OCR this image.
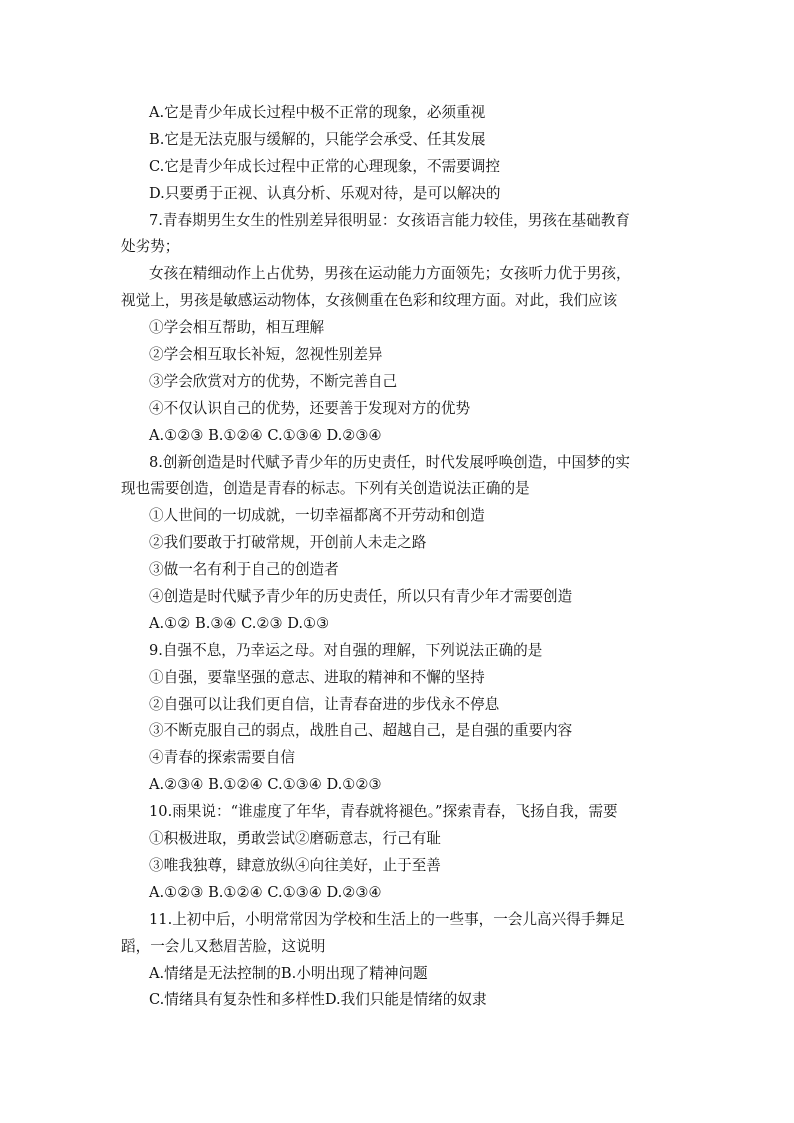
A.它是青少年成长过程中极不正常的现象，必须重视
B.它是无法克服与缓解的，只能学会承受、任其发展
C.它是青少年成长过程中正常的心理现象，不需要调控
D.只要勇于正视、认真分析、乐观对待，是可以解决的
7.青春期男生女生的性别差异很明显：女孩语言能力较佳，男孩在基础教育
处劣势；
女孩在精细动作上占优势，男孩在运动能力方面领先；女孩听力优于男孩，
视觉上，男孩是敏感运动物体，女孩侧重在色彩和纹理方面。对此，我们应该
①学会相互帮助，相互理解
②学会相互取长补短，忽视性别差异
③学会欣赏对方的优势，不断完善自己
④不仅认识自己的优势，还要善于发现对方的优势
A.①②③ B.①②④ C.①③④ D.②③④
8.创新创造是时代赋予青少年的历史责任，时代发展呼唤创造，中国梦的实
现也需要创造，创造是青春的标志。下列有关创造说法正确的是
①人世间的一切成就，一切幸福都离不开劳动和创造
②我们要敢于打破常规，开创前人未走之路
③做一名有利于自己的创造者
④创造是时代赋予青少年的历史责任，所以只有青少年才需要创造
A.①② B.③④ C.②③ D.①③
9.自强不息，乃幸运之母。对自强的理解，下列说法正确的是
①自强，要靠坚强的意志、进取的精神和不懈的坚持
②自强可以让我们更自信，让青春奋进的步伐永不停息
③不断克服自己的弱点，战胜自己、超越自己，是自强的重要内容
④青春的探索需要自信
A.②③④ B.①②④ C.①③④ D.①②③
10.雨果说：“谁虚度了年华，青春就将褪色。”探索青春，飞扬自我，需要
①积极进取，勇敢尝试②磨砺意志，行己有耻
③唯我独尊，肆意放纵④向往美好，止于至善
A.①②③ B.①②④ C.①③④ D.②③④
11.上初中后，小明常常因为学校和生活上的一些事，一会儿高兴得手舞足
蹈，一会儿又愁眉苦脸，这说明
A.情绪是无法控制的B.小明出现了精神问题
C.情绪具有复杂性和多样性D.我们只能是情绪的奴隶
